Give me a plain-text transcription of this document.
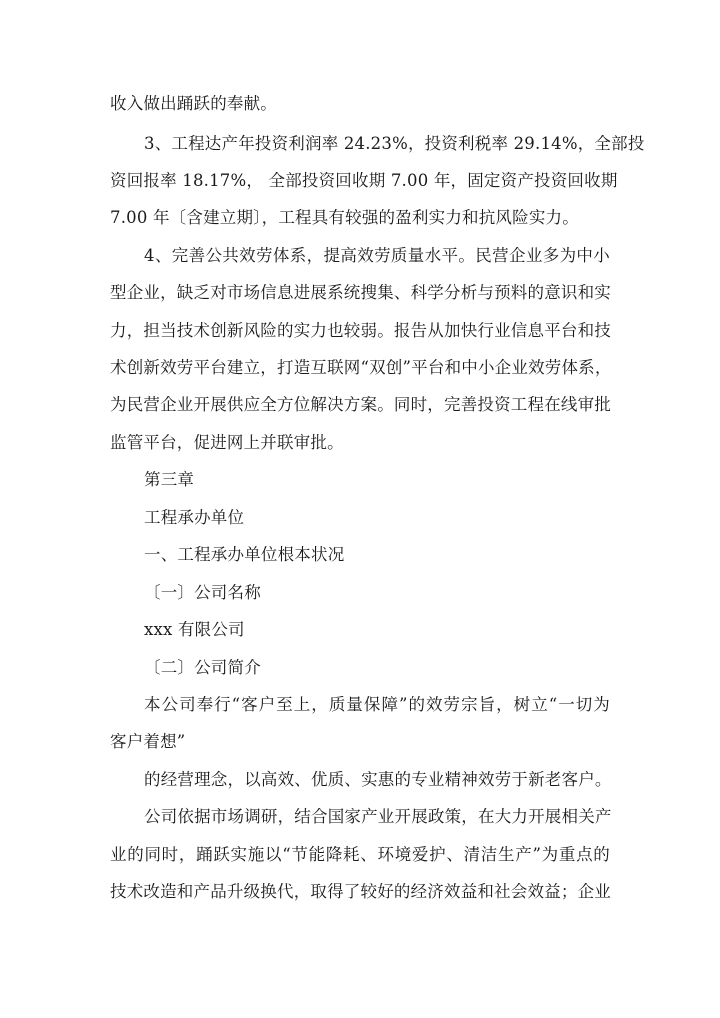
收入做出踊跃的奉献。
3、工程达产年投资利润率 24.23%，投资利税率 29.14%，全部投
资回报率 18.17%， 全部投资回收期 7.00 年，固定资产投资回收期
7.00 年〔含建立期〕，工程具有较强的盈利实力和抗风险实力。
4、完善公共效劳体系，提高效劳质量水平。民营企业多为中小
型企业，缺乏对市场信息进展系统搜集、科学分析与预料的意识和实
力，担当技术创新风险的实力也较弱。报告从加快行业信息平台和技
术创新效劳平台建立，打造互联网“双创”平台和中小企业效劳体系，
为民营企业开展供应全方位解决方案。同时，完善投资工程在线审批
监管平台，促进网上并联审批。
第三章
工程承办单位
一、工程承办单位根本状况
〔一〕公司名称
xxx 有限公司
〔二〕公司简介
本公司奉行“客户至上，质量保障”的效劳宗旨，树立“一切为
客户着想”
的经营理念，以高效、优质、实惠的专业精神效劳于新老客户。
公司依据市场调研，结合国家产业开展政策，在大力开展相关产
业的同时，踊跃实施以“节能降耗、环境爱护、清洁生产”为重点的
技术改造和产品升级换代，取得了较好的经济效益和社会效益；企业
